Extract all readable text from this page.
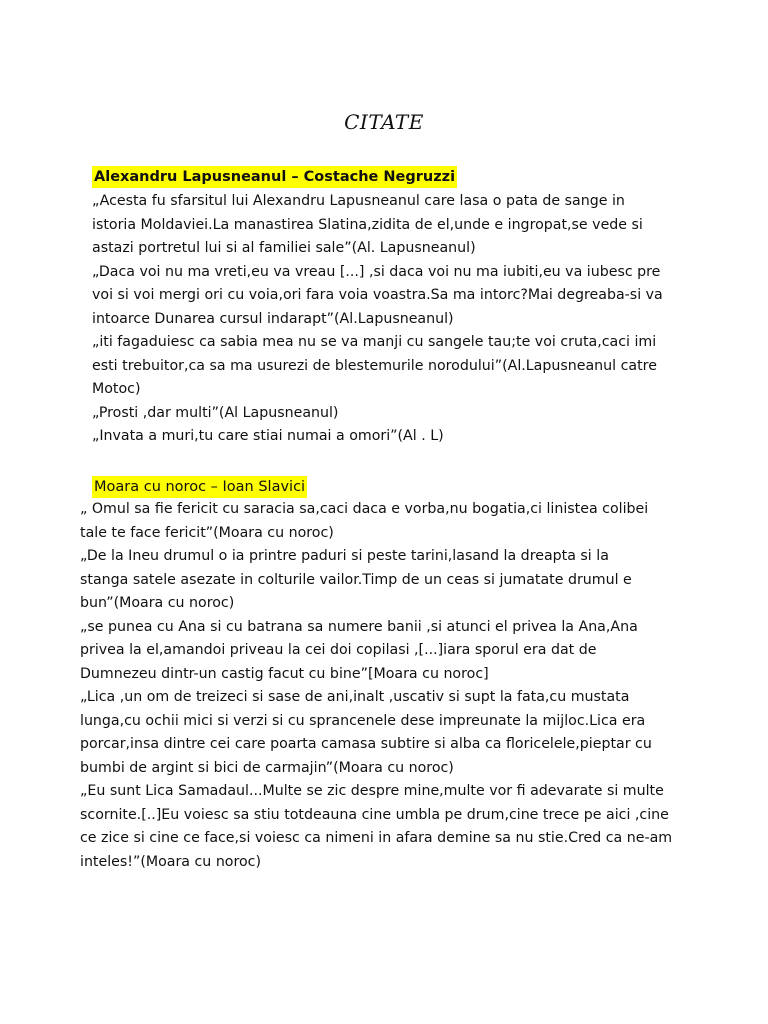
CITATE
Alexandru Lapusneanul – Costache Negruzzi
„Acesta fu sfarsitul lui Alexandru Lapusneanul care lasa o pata de sange in
istoria Moldaviei.La manastirea Slatina,zidita de el,unde e ingropat,se vede si
astazi portretul lui si al familiei sale”(Al. Lapusneanul)
„Daca voi nu ma vreti,eu va vreau [...] ,si daca voi nu ma iubiti,eu va iubesc pre
voi si voi mergi ori cu voia,ori fara voia voastra.Sa ma intorc?Mai degreaba-si va
intoarce Dunarea cursul indarapt”(Al.Lapusneanul)
„iti fagaduiesc ca sabia mea nu se va manji cu sangele tau;te voi cruta,caci imi
esti trebuitor,ca sa ma usurezi de blestemurile norodului”(Al.Lapusneanul catre
Motoc)
„Prosti ,dar multi”(Al Lapusneanul)
„Invata a muri,tu care stiai numai a omori”(Al . L)
Moara cu noroc – Ioan Slavici
„ Omul sa fie fericit cu saracia sa,caci daca e vorba,nu bogatia,ci linistea colibei
tale te face fericit”(Moara cu noroc)
„De la Ineu drumul o ia printre paduri si peste tarini,lasand la dreapta si la
stanga satele asezate in colturile vailor.Timp de un ceas si jumatate drumul e
bun”(Moara cu noroc)
„se punea cu Ana si cu batrana sa numere banii ,si atunci el privea la Ana,Ana
privea la el,amandoi priveau la cei doi copilasi ,[...]iara sporul era dat de
Dumnezeu dintr-un castig facut cu bine”[Moara cu noroc]
„Lica ,un om de treizeci si sase de ani,inalt ,uscativ si supt la fata,cu mustata
lunga,cu ochii mici si verzi si cu sprancenele dese impreunate la mijloc.Lica era
porcar,insa dintre cei care poarta camasa subtire si alba ca floricelele,pieptar cu
bumbi de argint si bici de carmajin”(Moara cu noroc)
„Eu sunt Lica Samadaul...Multe se zic despre mine,multe vor fi adevarate si multe
scornite.[..]Eu voiesc sa stiu totdeauna cine umbla pe drum,cine trece pe aici ,cine
ce zice si cine ce face,si voiesc ca nimeni in afara demine sa nu stie.Cred ca ne-am
inteles!”(Moara cu noroc)
